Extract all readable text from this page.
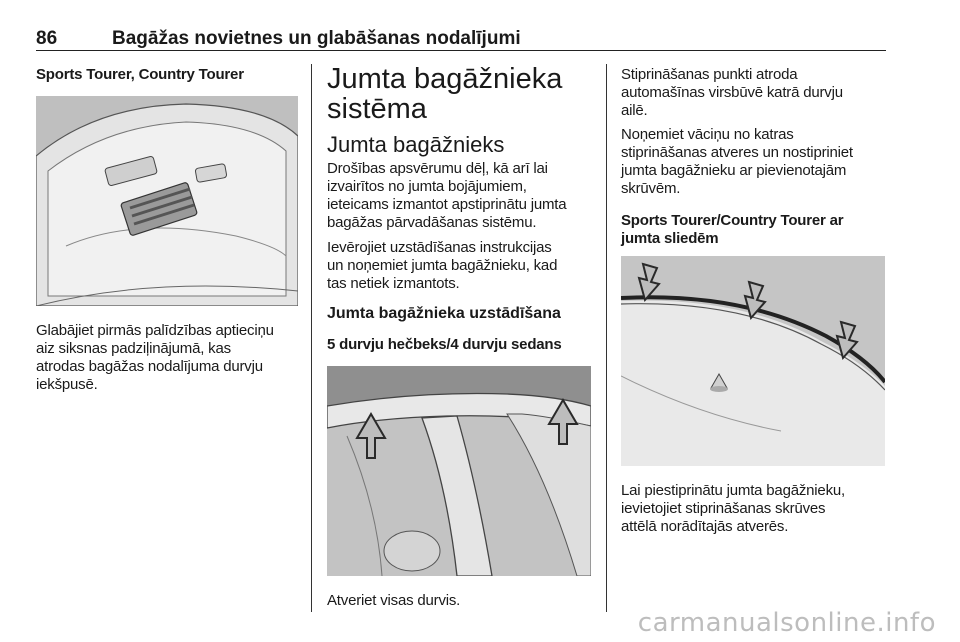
86	Bagāžas novietnes un glabāšanas nodalījumi

Sports Tourer, Country Tourer

Glabājiet pirmās palīdzības aptieciņu

aiz siksnas padziļinājumā, kas

atrodas bagāžas nodalījuma durvju

iekšpusē.

Jumta bagāžnieka

sistēma

Jumta bagāžnieks

Drošības apsvērumu dēļ, kā arī lai

izvairītos no jumta bojājumiem,

ieteicams izmantot apstiprinātu jumta

bagāžas pārvadāšanas sistēmu.

Ievērojiet uzstādīšanas instrukcijas

un noņemiet jumta bagāžnieku, kad

tas netiek izmantots.

Jumta bagāžnieka uzstādīšana

5 durvju hečbeks/4 durvju sedans

Atveriet visas durvis.

Stiprināšanas punkti atroda

automašīnas virsbūvē katrā durvju

ailē.

Noņemiet vāciņu no katras

stiprināšanas atveres un nostipriniet

jumta bagāžnieku ar pievienotajām

skrūvēm.

Sports Tourer/Country Tourer ar

jumta sliedēm

Lai piestiprinātu jumta bagāžnieku,

ievietojiet stiprināšanas skrūves

attēlā norādītajās atverēs.

carmanualsonline.info
